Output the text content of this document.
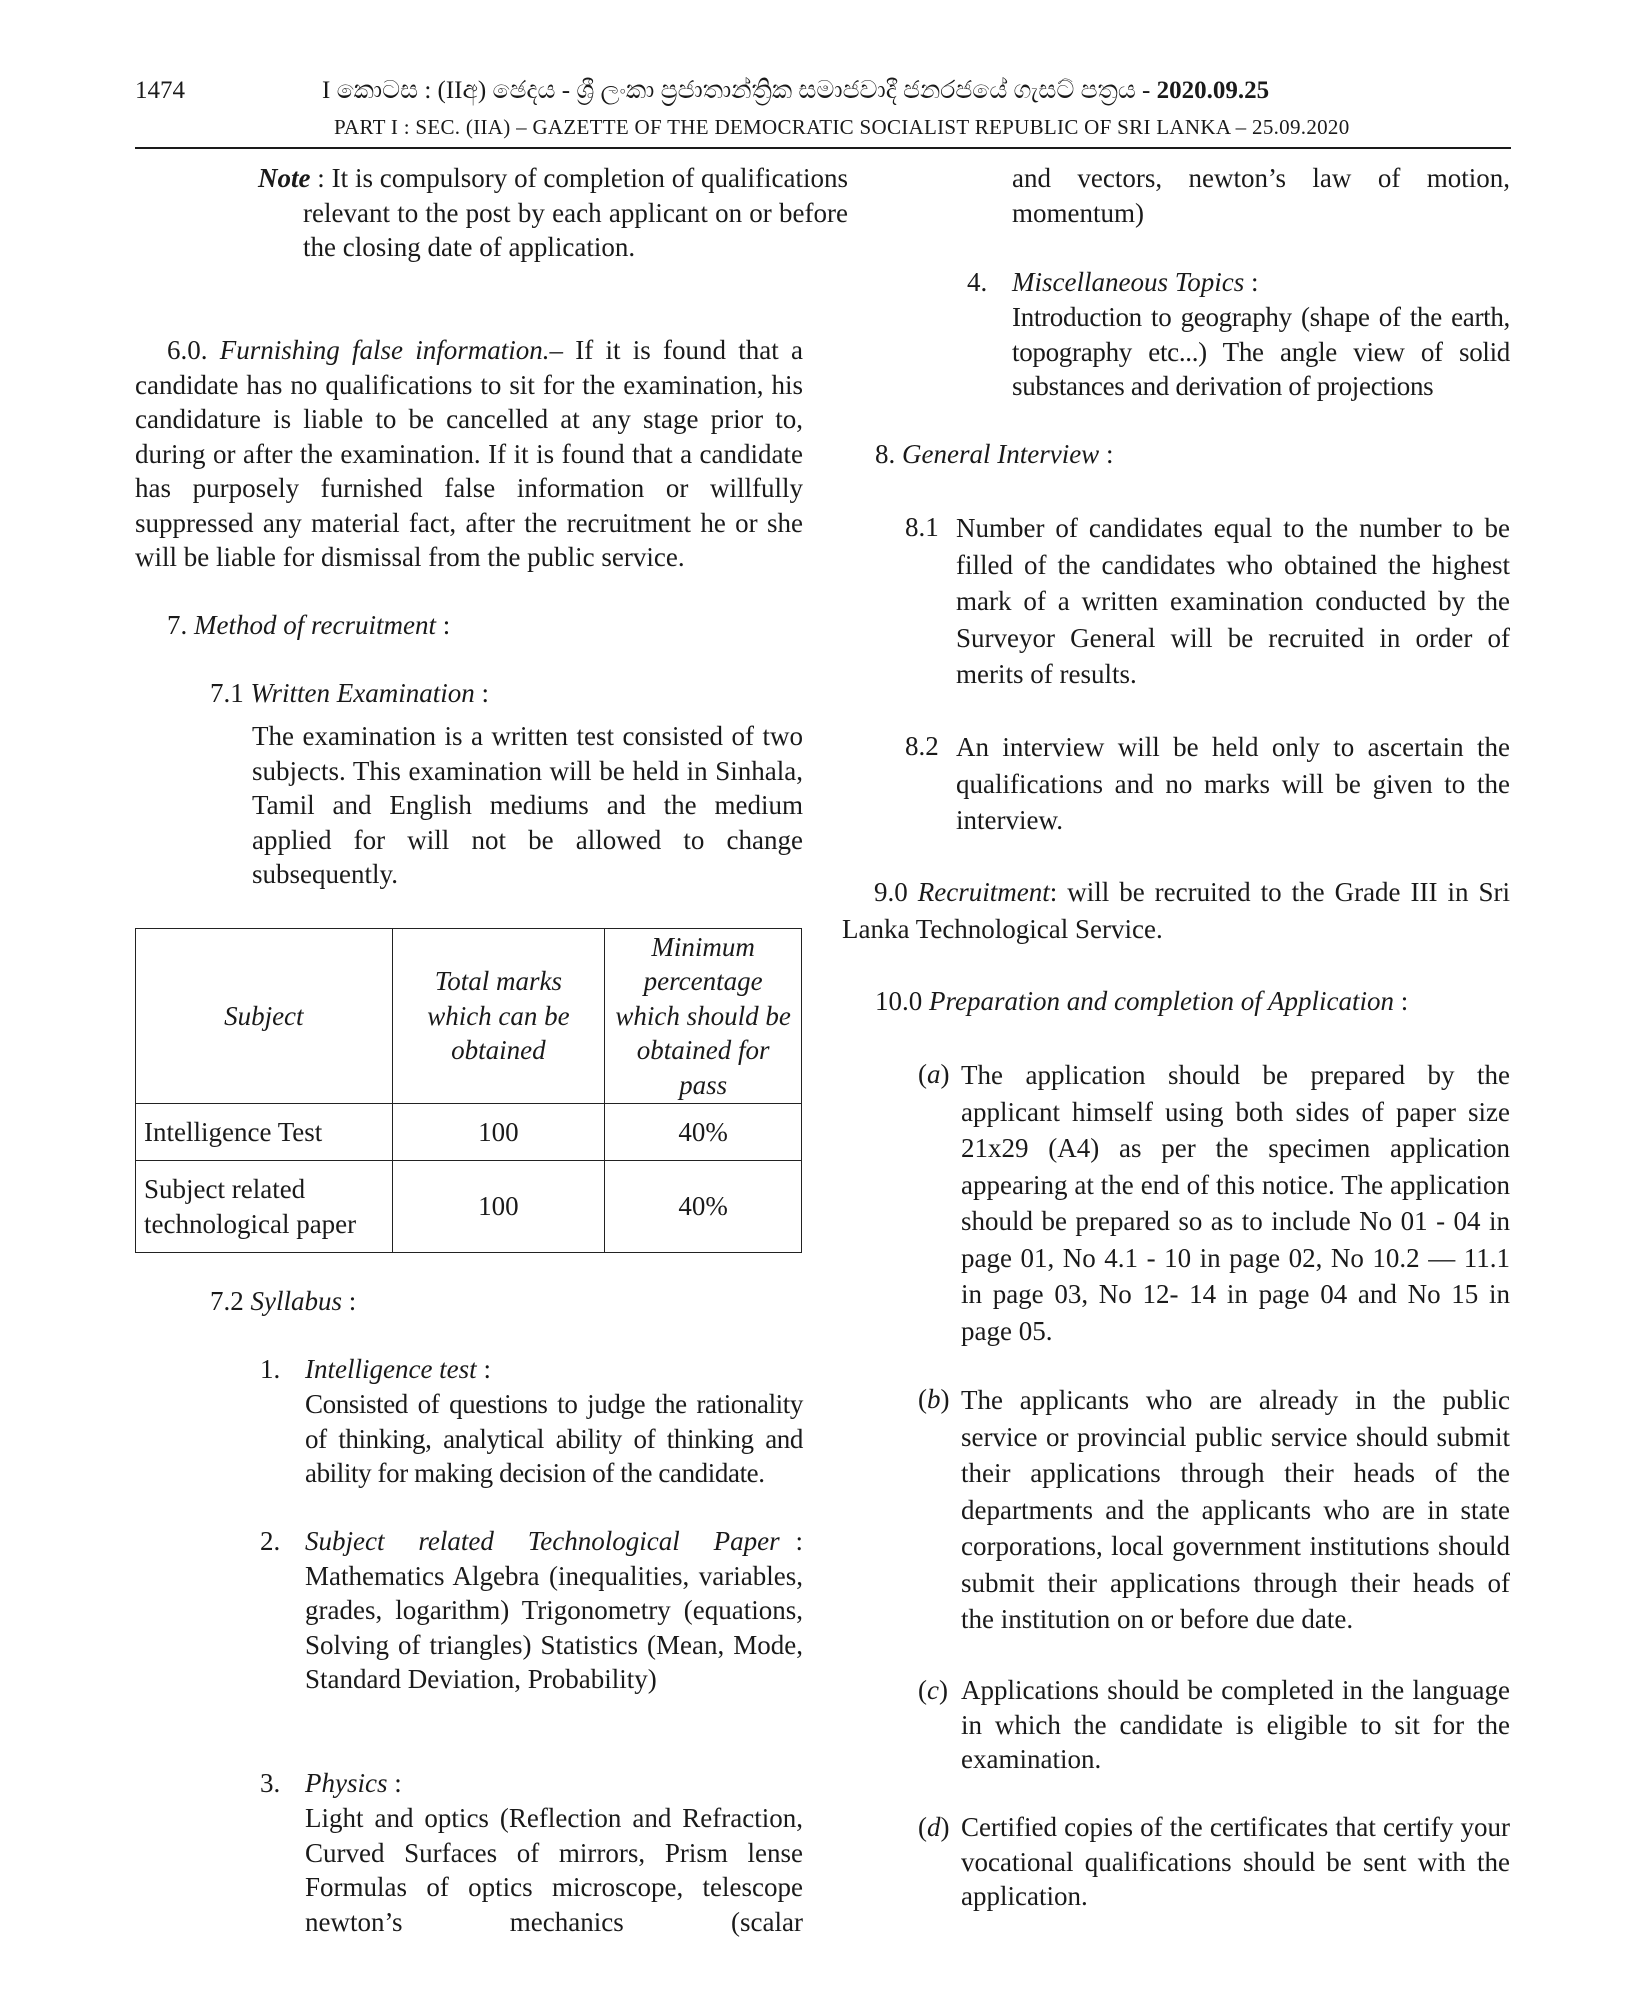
1474	I කොටස : (IIඅ) ඡෙදය - ශ්‍රී ලංකා ප්‍රජාතාන්ත්‍රික සමාජවාදී ජනරජයේ ගැසට් පත්‍රය - 2020.09.25
PART I : SEC. (IIA) – GAZETTE OF THE DEMOCRATIC SOCIALIST REPUBLIC OF SRI LANKA – 25.09.2020

Note : It is compulsory of completion of qualifications relevant to the post by each applicant on or before the closing date of application.

6.0. Furnishing false information.– If it is found that a candidate has no qualifications to sit for the examination, his candidature is liable to be cancelled at any stage prior to, during or after the examination. If it is found that a candidate has purposely furnished false information or willfully suppressed any material fact, after the recruitment he or she will be liable for dismissal from the public service.

7. Method of recruitment :

7.1 Written Examination :

The examination is a written test consisted of two subjects. This examination will be held in Sinhala, Tamil and English mediums and the medium applied for will not be allowed to change subsequently.

Subject	Total marks which can be obtained	Minimum percentage which should be obtained for pass
Intelligence Test	100	40%
Subject related technological paper	100	40%

7.2 Syllabus :

1. Intelligence test :

Consisted of questions to judge the rationality of thinking, analytical ability of thinking and ability for making decision of the candidate.

2. Subject related Technological Paper : Mathematics Algebra (inequalities, variables, grades, logarithm) Trigonometry (equations, Solving of triangles) Statistics (Mean, Mode, Standard Deviation, Probability)

3. Physics :

Light and optics (Reflection and Refraction, Curved Surfaces of mirrors, Prism lense Formulas of optics microscope, telescope newton’s mechanics (scalar

and vectors, newton’s law of motion, momentum)

4. Miscellaneous Topics :

Introduction to geography (shape of the earth, topography etc...) The angle view of solid substances and derivation of projections

8. General Interview :

8.1 Number of candidates equal to the number to be filled of the candidates who obtained the highest mark of a written examination conducted by the Surveyor General will be recruited in order of merits of results.

8.2 An interview will be held only to ascertain the qualifications and no marks will be given to the interview.

9.0 Recruitment: will be recruited to the Grade III in Sri Lanka Technological Service.

10.0 Preparation and completion of Application :

(a) The application should be prepared by the applicant himself using both sides of paper size 21x29 (A4) as per the specimen application appearing at the end of this notice. The application should be prepared so as to include No 01 - 04 in page 01, No 4.1 - 10 in page 02, No 10.2 — 11.1 in page 03, No 12- 14 in page 04 and No 15 in page 05.

(b) The applicants who are already in the public service or provincial public service should submit their applications through their heads of the departments and the applicants who are in state corporations, local government institutions should submit their applications through their heads of the institution on or before due date.

(c) Applications should be completed in the language in which the candidate is eligible to sit for the examination.

(d) Certified copies of the certificates that certify your vocational qualifications should be sent with the application.
